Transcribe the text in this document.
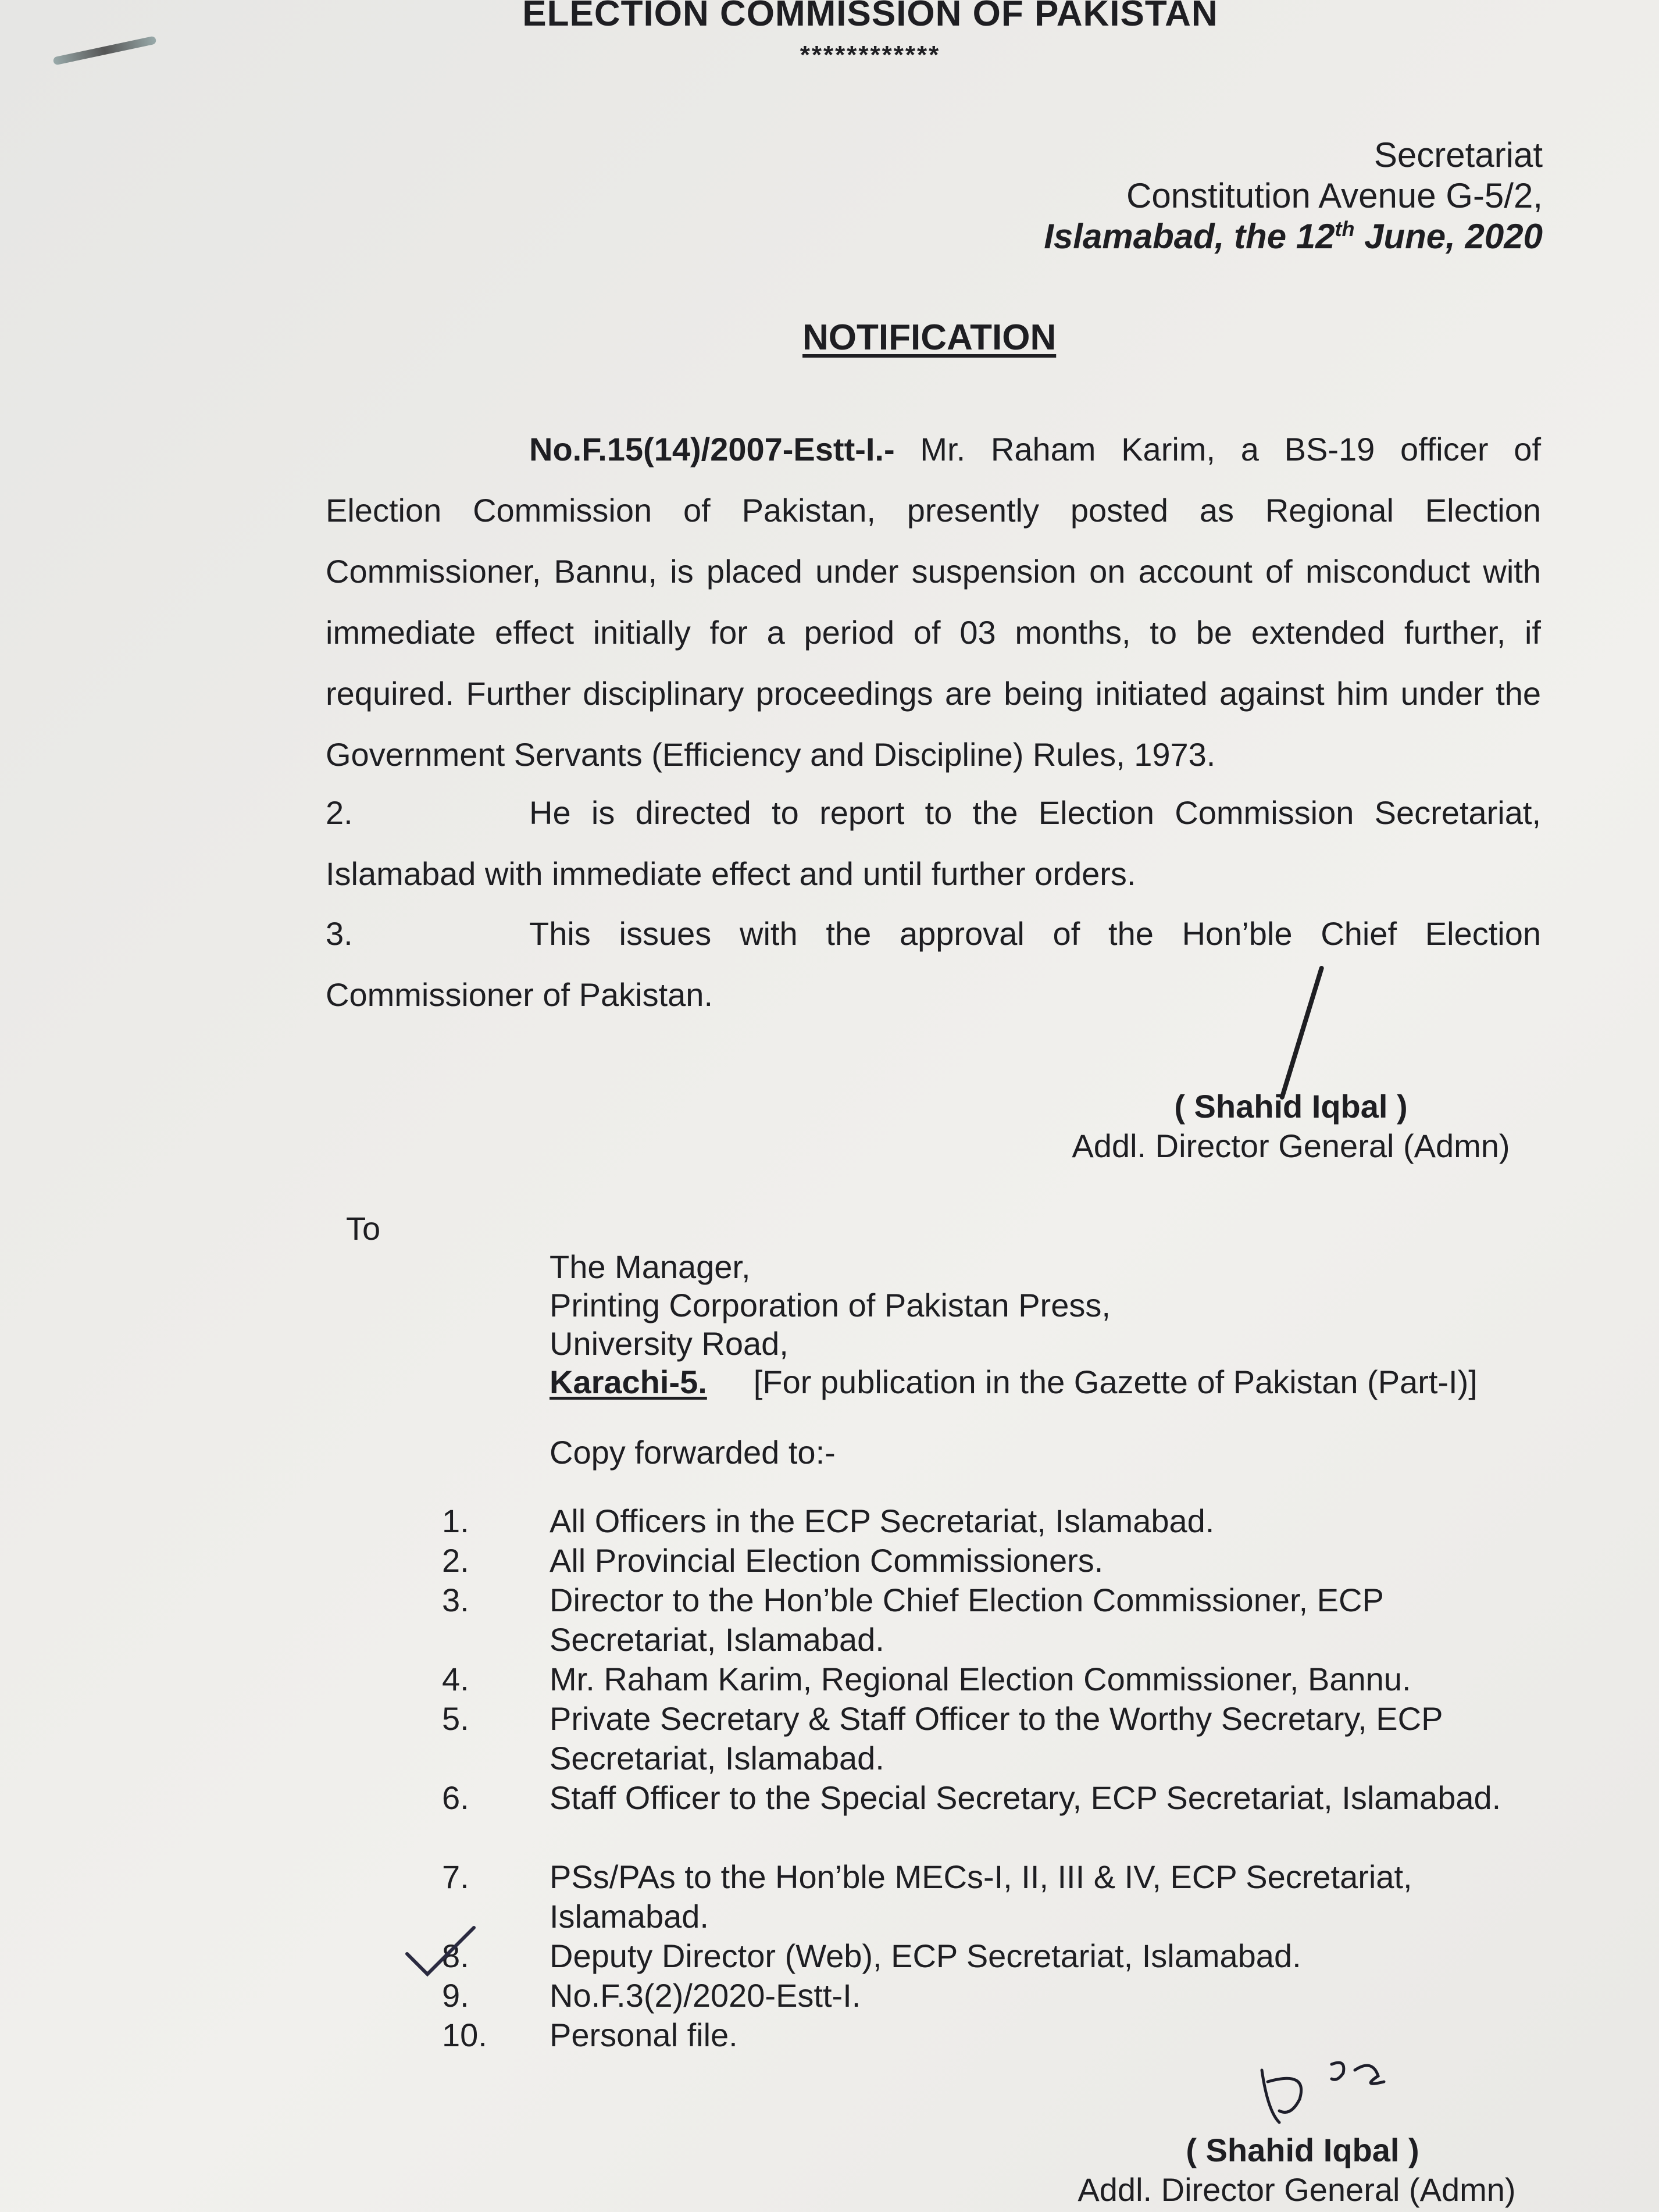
ELECTION COMMISSION OF PAKISTAN
************
Secretariat
Constitution Avenue G-5/2,
Islamabad, the 12th June, 2020
NOTIFICATION
No.F.15(14)/2007-Estt-I.- Mr. Raham Karim, a BS-19 officer of Election Commission of Pakistan, presently posted as Regional Election Commissioner, Bannu, is placed under suspension on account of misconduct with immediate effect initially for a period of 03 months, to be extended further, if required. Further disciplinary proceedings are being initiated against him under the Government Servants (Efficiency and Discipline) Rules, 1973.
2.	He is directed to report to the Election Commission Secretariat, Islamabad with immediate effect and until further orders.
3.	This issues with the approval of the Hon’ble Chief Election Commissioner of Pakistan.
( Shahid Iqbal )
Addl. Director General (Admn)
To
The Manager,
Printing Corporation of Pakistan Press,
University Road,
Karachi-5. [For publication in the Gazette of Pakistan (Part-I)]
Copy forwarded to:-
1.	All Officers in the ECP Secretariat, Islamabad.
2.	All Provincial Election Commissioners.
3.	Director to the Hon’ble Chief Election Commissioner, ECP Secretariat, Islamabad.
4.	Mr. Raham Karim, Regional Election Commissioner, Bannu.
5.	Private Secretary & Staff Officer to the Worthy Secretary, ECP Secretariat, Islamabad.
6.	Staff Officer to the Special Secretary, ECP Secretariat, Islamabad.
7.	PSs/PAs to the Hon’ble MECs-I, II, III & IV, ECP Secretariat, Islamabad.
8.	Deputy Director (Web), ECP Secretariat, Islamabad.
9.	No.F.3(2)/2020-Estt-I.
10.	Personal file.
( Shahid Iqbal )
Addl. Director General (Admn)
